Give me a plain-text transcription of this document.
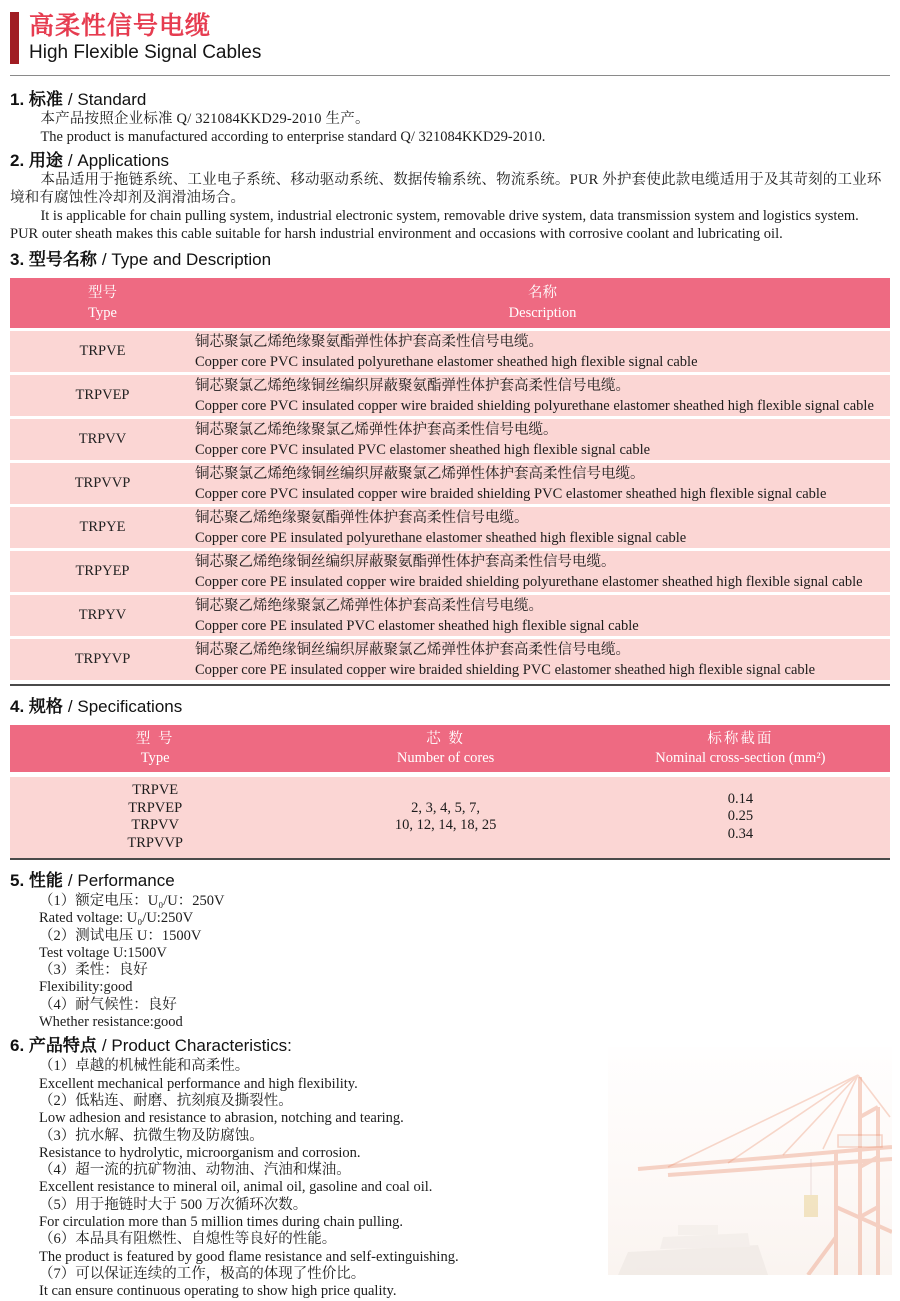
高柔性信号电缆
High Flexible Signal Cables
1. 标准 / Standard
本产品按照企业标准 Q/ 321084KKD29-2010 生产。
The product is manufactured according to enterprise standard Q/ 321084KKD29-2010.
2. 用途 / Applications
本品适用于拖链系统、工业电子系统、移动驱动系统、数据传输系统、物流系统。PUR 外护套使此款电缆适用于及其苛刻的工业环境和有腐蚀性冷却剂及润滑油场合。
It is applicable for chain pulling system, industrial electronic system, removable drive system, data transmission system and logistics system. PUR outer sheath makes this cable suitable for harsh industrial environment and occasions with corrosive coolant and lubricating oil.
3. 型号名称 / Type and Description
型号
Type
名称
Description
TRPVE
铜芯聚氯乙烯绝缘聚氨酯弹性体护套高柔性信号电缆。
Copper core PVC insulated polyurethane elastomer sheathed high flexible signal cable
TRPVEP
铜芯聚氯乙烯绝缘铜丝编织屏蔽聚氨酯弹性体护套高柔性信号电缆。
Copper core PVC insulated copper wire braided shielding polyurethane elastomer sheathed high flexible signal cable
TRPVV
铜芯聚氯乙烯绝缘聚氯乙烯弹性体护套高柔性信号电缆。
Copper core PVC insulated PVC elastomer sheathed high flexible signal cable
TRPVVP
铜芯聚氯乙烯绝缘铜丝编织屏蔽聚氯乙烯弹性体护套高柔性信号电缆。
Copper core PVC insulated copper wire braided shielding PVC elastomer sheathed high flexible signal cable
TRPYE
铜芯聚乙烯绝缘聚氨酯弹性体护套高柔性信号电缆。
Copper core PE insulated polyurethane elastomer sheathed high flexible signal cable
TRPYEP
铜芯聚乙烯绝缘铜丝编织屏蔽聚氨酯弹性体护套高柔性信号电缆。
Copper core PE insulated copper wire braided shielding polyurethane elastomer sheathed high flexible signal cable
TRPYV
铜芯聚乙烯绝缘聚氯乙烯弹性体护套高柔性信号电缆。
Copper core PE insulated PVC elastomer sheathed high flexible signal cable
TRPYVP
铜芯聚乙烯绝缘铜丝编织屏蔽聚氯乙烯弹性体护套高柔性信号电缆。
Copper core PE insulated copper wire braided shielding PVC elastomer sheathed high flexible signal cable
4. 规格 / Specifications
型 号
Type
芯 数
Number of cores
标称截面
Nominal cross-section (mm²)
TRPVE
TRPVEP
TRPVV
TRPVVP
2, 3, 4, 5, 7,
10, 12, 14, 18, 25
0.14
0.25
0.34
5. 性能 / Performance
（1）额定电压：U₀/U：250V
Rated voltage: U₀/U:250V
（2）测试电压 U：1500V
Test voltage U:1500V
（3）柔性：良好
Flexibility:good
（4）耐气候性：良好
Whether resistance:good
6. 产品特点 / Product Characteristics:
（1）卓越的机械性能和高柔性。
Excellent mechanical performance and high flexibility.
（2）低粘连、耐磨、抗刻痕及撕裂性。
Low adhesion and resistance to abrasion, notching and tearing.
（3）抗水解、抗微生物及防腐蚀。
Resistance to hydrolytic, microorganism and corrosion.
（4）超一流的抗矿物油、动物油、汽油和煤油。
Excellent resistance to mineral oil, animal oil, gasoline and coal oil.
（5）用于拖链时大于 500 万次循环次数。
For circulation more than 5 million times during chain pulling.
（6）本品具有阻燃性、自熄性等良好的性能。
The product is featured by good flame resistance and self-extinguishing.
（7）可以保证连续的工作，极高的体现了性价比。
It can ensure continuous operating to show high price quality.
